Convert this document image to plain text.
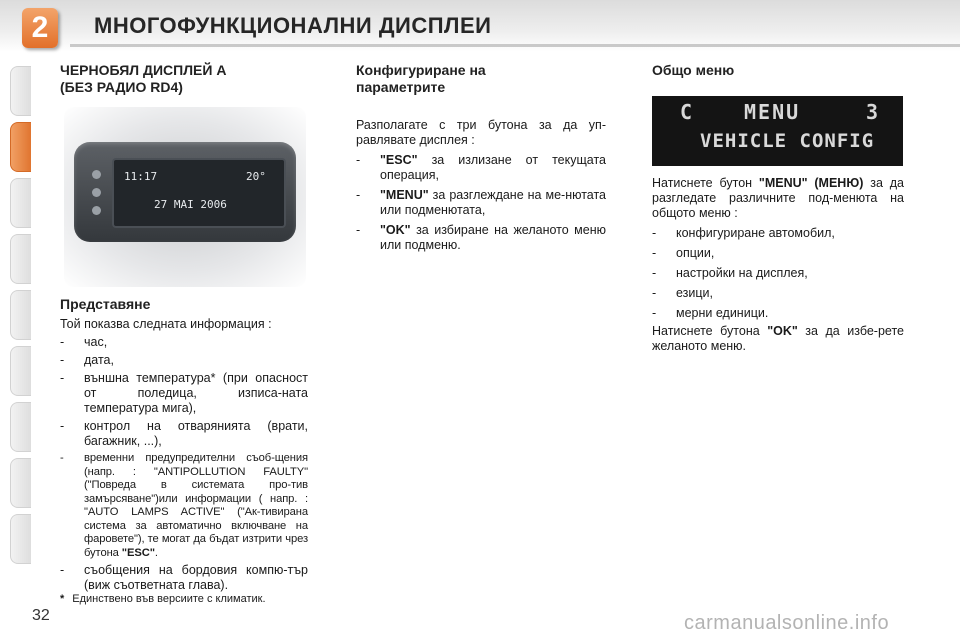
2	МНОГОФУНКЦИОНАЛНИ ДИСПЛЕИ
ЧЕРНОБЯЛ ДИСПЛЕЙ А
(БЕЗ РАДИО RD4)
11:17	20°
27 MAI 2006
Представяне

Той показва следната информация :

-	час,
-	дата,
-	външна температура* (при опасност от поледица, изписа-ната температура мига),
-	контрол на отварянията (врати, багажник, ...),
-	временни предупредителни съоб-щения (напр. : "ANTIPOLLUTION FAULTY" ("Повреда в системата про-тив замърсяване")или информации ( напр. : "AUTO LAMPS ACTIVE" ("Ак-тивирана система за автоматично включване на фаровете"), те могат да бъдат изтрити чрез бутона "ESC".
-	съобщения на бордовия компю-тър (виж съответната глава).
Конфигуриране на
параметрите

Разполагате с три бутона за да уп-равлявате дисплея :

-	"ESC" за излизане от текущата операция,
-	"MENU" за разглеждане на ме-нютата или подменютата,
-	"OK" за избиране на желаното меню или подменю.
Общо меню
C MENU	3
VEHICLE CONFIG

Натиснете бутон "MENU" (МЕНЮ) за да разгледате различните под-менюта на общото меню :

-	конфигуриране автомобил,
-	опции,
-	настройки на дисплея,
-	езици,
-	мерни единици.

Натиснете бутона "OK" за да избе-рете желаното меню.

* Единствено във версиите с климатик.
32	carmanualsonline.info
